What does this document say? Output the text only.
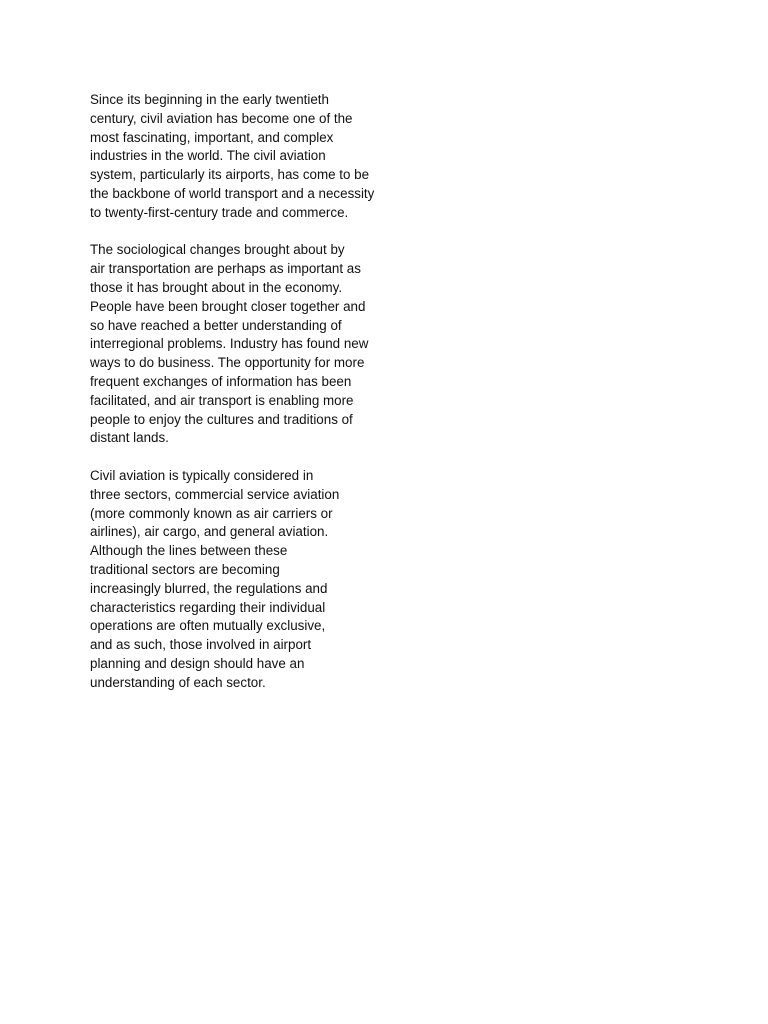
Since its beginning in the early twentieth
century, civil aviation has become one of the
most fascinating, important, and complex
industries in the world. The civil aviation
system, particularly its airports, has come to be
the backbone of world transport and a necessity
to twenty-first-century trade and commerce.

The sociological changes brought about by
air transportation are perhaps as important as
those it has brought about in the economy.
People have been brought closer together and
so have reached a better understanding of
interregional problems. Industry has found new
ways to do business. The opportunity for more
frequent exchanges of information has been
facilitated, and air transport is enabling more
people to enjoy the cultures and traditions of
distant lands.

Civil aviation is typically considered in
three sectors, commercial service aviation
(more commonly known as air carriers or
airlines), air cargo, and general aviation.
Although the lines between these
traditional sectors are becoming
increasingly blurred, the regulations and
characteristics regarding their individual
operations are often mutually exclusive,
and as such, those involved in airport
planning and design should have an
understanding of each sector.
